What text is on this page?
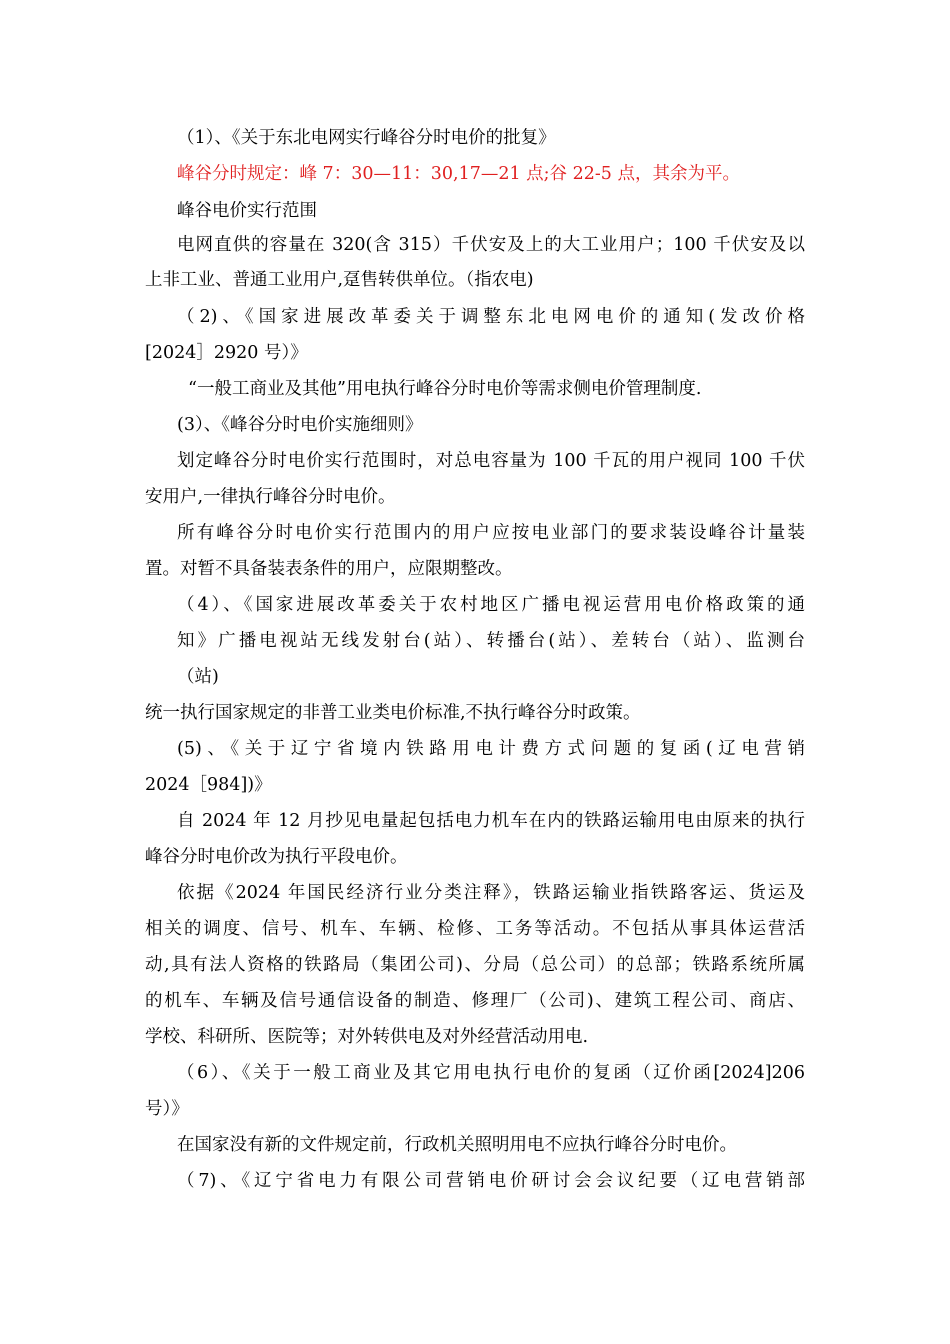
（1）、《关于东北电网实行峰谷分时电价的批复》
峰谷分时规定：峰 7：30—11：30,17—21 点;谷 22-5 点，其余为平。
峰谷电价实行范围
电网直供的容量在 320(含 315）千伏安及上的大工业用户；100 千伏安及以
上非工业、普通工业用户,趸售转供单位。（指农电)
（2)、《国家进展改革委关于调整东北电网电价的通知(发改价格
[2024］2920 号）》
“一般工商业及其他”用电执行峰谷分时电价等需求侧电价管理制度.
(3）、《峰谷分时电价实施细则》
划定峰谷分时电价实行范围时，对总电容量为 100 千瓦的用户视同 100 千伏
安用户,一律执行峰谷分时电价。
所有峰谷分时电价实行范围内的用户应按电业部门的要求装设峰谷计量装
置。对暂不具备装表条件的用户，应限期整改。
（4）、《国家进展改革委关于农村地区广播电视运营用电价格政策的通
知》广播电视站无线发射台(站）、转播台(站）、差转台（站）、监测台
（站)
统一执行国家规定的非普工业类电价标准,不执行峰谷分时政策。
(5)、《关于辽宁省境内铁路用电计费方式问题的复函(辽电营销
2024［984])》
自 2024 年 12 月抄见电量起包括电力机车在内的铁路运输用电由原来的执行
峰谷分时电价改为执行平段电价。
依据《2024 年国民经济行业分类注释》，铁路运输业指铁路客运、货运及
相关的调度、信号、机车、车辆、检修、工务等活动。不包括从事具体运营活
动,具有法人资格的铁路局（集团公司)、分局（总公司）的总部；铁路系统所属
的机车、车辆及信号通信设备的制造、修理厂（公司)、建筑工程公司、商店、
学校、科研所、医院等；对外转供电及对外经营活动用电.
（6）、《关于一般工商业及其它用电执行电价的复函（辽价函[2024]206
号）》
在国家没有新的文件规定前，行政机关照明用电不应执行峰谷分时电价。
（7)、《辽宁省电力有限公司营销电价研讨会会议纪要（辽电营销部
